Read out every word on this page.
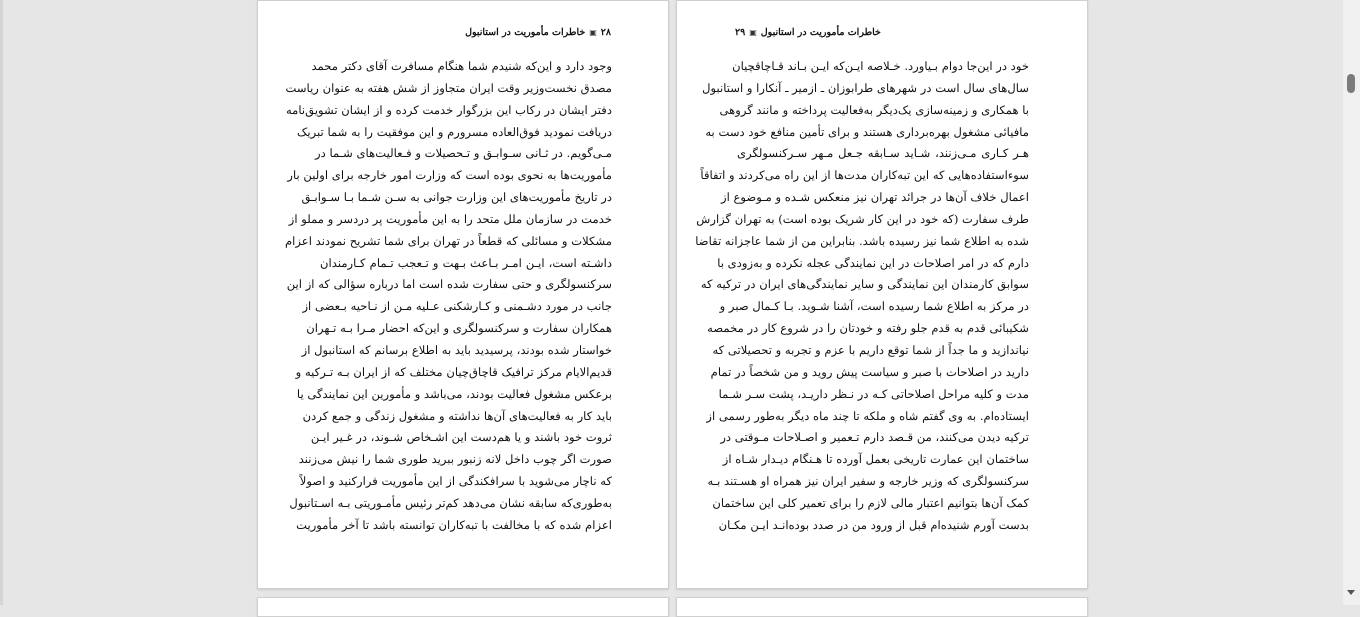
۲۸
▣
خاطرات مأموریت در استانبول
وجود دارد و این‌که شنیدم شما هنگام مسافرت آقای دکتر محمد
مصدق نخست‌وزیر وقت ایران متجاوز از شش هفته به عنوان ریاست
دفتر ایشان در رکاب این بزرگوار خدمت کرده و از ایشان تشویق‌نامه
دریافت نمودید فوق‌العاده مسرورم و این موفقیت را به شما تبریک
مـی‌گویم. در ثـانی سـوابـق و تـحصیلات و فـعالیت‌های شـما در
مأموریت‌ها به نحوی بوده است که وزارت امور خارجه برای اولین بار
در تاریخ مأموریت‌های این وزارت جوانی به سـن شـما بـا سـوابـق
خدمت در سازمان ملل متحد را به این مأموریت پر دردسر و مملو از
مشکلات و مسائلی که قطعاً در تهران برای شما تشریح نمودند اعزام
داشـته است، ایـن امـر بـاعث بـهت و تـعجب تـمام کـارمندان
سرکنسولگری و حتی سفارت شده است اما درباره سؤالی که از این
جانب در مورد دشـمنی و کـارشکنی عـلیه مـن از نـاحیه بـعضی از
همکاران سفارت و سرکنسولگری و این‌که احضار مـرا بـه تـهران
خواستار شده بودند، پرسیدید باید به اطلاع برسانم که استانبول از
قدیم‌الایام مرکز ترافیک قاچاق‌چیان مختلف که از ایران بـه تـرکیه و
برعکس مشغول فعالیت بودند، می‌باشد و مأمورین این نمایندگی یا
باید کار به فعالیت‌های آن‌ها نداشته و مشغول زندگی و جمع کردن
ثروت خود باشند و یا هم‌دست این اشـخاص شـوند، در غـیر ایـن
صورت اگر چوب داخل لانه زنبور ببرید طوری شما را نیش می‌زنند
که ناچار می‌شوید با سرافکندگی از این مأموریت فرارکنید و اصولاً
به‌طوری‌که سابقه نشان می‌دهد کم‌تر رئیس مأمـوریتی بـه اسـتانبول
اعزام شده که با مخالفت با تبه‌کاران توانسته باشد تا آخر مأموریت
خاطرات مأموریت در استانبول
▣
۲۹
خود در این‌جا دوام بـیاورد. خـلاصه ایـن‌که ایـن بـاند قـاچاقچیان
سال‌های سال است در شهرهای طرابوزان ـ ازمیر ـ آنکارا و استانبول
با همکاری و زمینه‌سازی یک‌دیگر به‌فعالیت پرداخته و مانند گروهی
مافیائی مشغول بهره‌برداری هستند و برای تأمین منافع خود دست به
هـر کـاری مـی‌زنند، شـاید سـابقه جـعل مـهر سـرکنسولگری
سوءاستفاده‌هایی که این تبه‌کاران مدت‌ها از این راه می‌کردند و اتفاقاً
اعمال خلاف آن‌ها در جرائد تهران نیز منعکس شـده و مـوضوع از
طرف سفارت (که خود در این کار شریک بوده است) به تهران گزارش
شده به اطلاع شما نیز رسیده باشد. بنابراین من از شما عاجزانه تقاضا
دارم که در امر اصلاحات در این نمایندگی عجله نکرده و به‌زودی با
سوابق کارمندان این نمایندگی و سایر نمایندگی‌های ایران در ترکیه که
در مرکز به اطلاع شما رسیده است، آشنا شـوید. بـا کـمال صبر و
شکیبائی قدم به قدم جلو رفته و خودتان را در شروع کار در مخمصه
نیاندازید و ما جداً از شما توقع داریم با عزم و تجربه و تحصیلاتی که
دارید در اصلاحات با صبر و سیاست پیش روید و من شخصاً در تمام
مدت و کلیه مراحل اصلاحاتی کـه در نـظر داریـد، پشت سـر شـما
ایستاده‌ام. به وی گفتم شاه و ملکه تا چند ماه دیگر به‌طور رسمی از
ترکیه دیدن می‌کنند، من قـصد دارم تـعمیر و اصـلاحات مـوقتی در
ساختمان این عمارت تاریخی بعمل آورده تا هـنگام دیـدار شـاه از
سرکنسولگری که وزیر خارجه و سفیر ایران نیز همراه او هسـتند بـه
کمک آن‌ها بتوانیم اعتبار مالی لازم را برای تعمیر کلی این ساختمان
بدست آورم شنیده‌ام قبل از ورود من در صدد بوده‌انـد ایـن مکـان
